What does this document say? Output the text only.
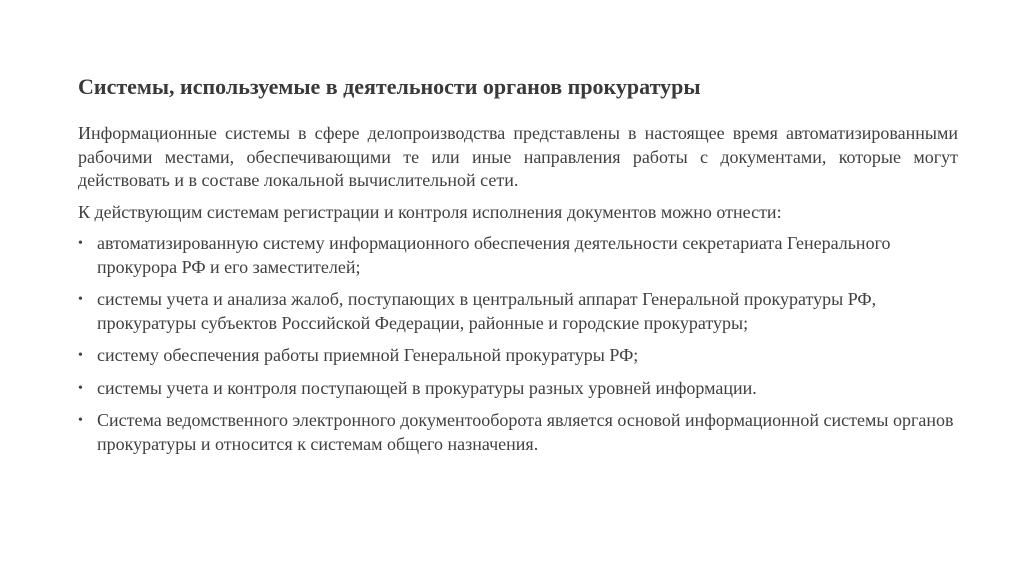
Системы, используемые в деятельности органов прокуратуры

Информационные системы в сфере делопроизводства представлены в настоящее время автоматизированными рабочими местами, обеспечивающими те или иные направления работы с документами, которые могут действовать и в составе локальной вычислительной сети.

К действующим системам регистрации и контроля исполнения документов можно отнести:

• автоматизированную систему информационного обеспечения деятельности секретариата Генерального прокурора РФ и его заместителей;
• системы учета и анализа жалоб, поступающих в центральный аппарат Генеральной прокуратуры РФ, прокуратуры субъектов Российской Федерации, районные и городские прокуратуры;
• систему обеспечения работы приемной Генеральной прокуратуры РФ;
• системы учета и контроля поступающей в прокуратуры разных уровней информации.
• Система ведомственного электронного документооборота является основой информационной системы органов прокуратуры и относится к системам общего назначения.
